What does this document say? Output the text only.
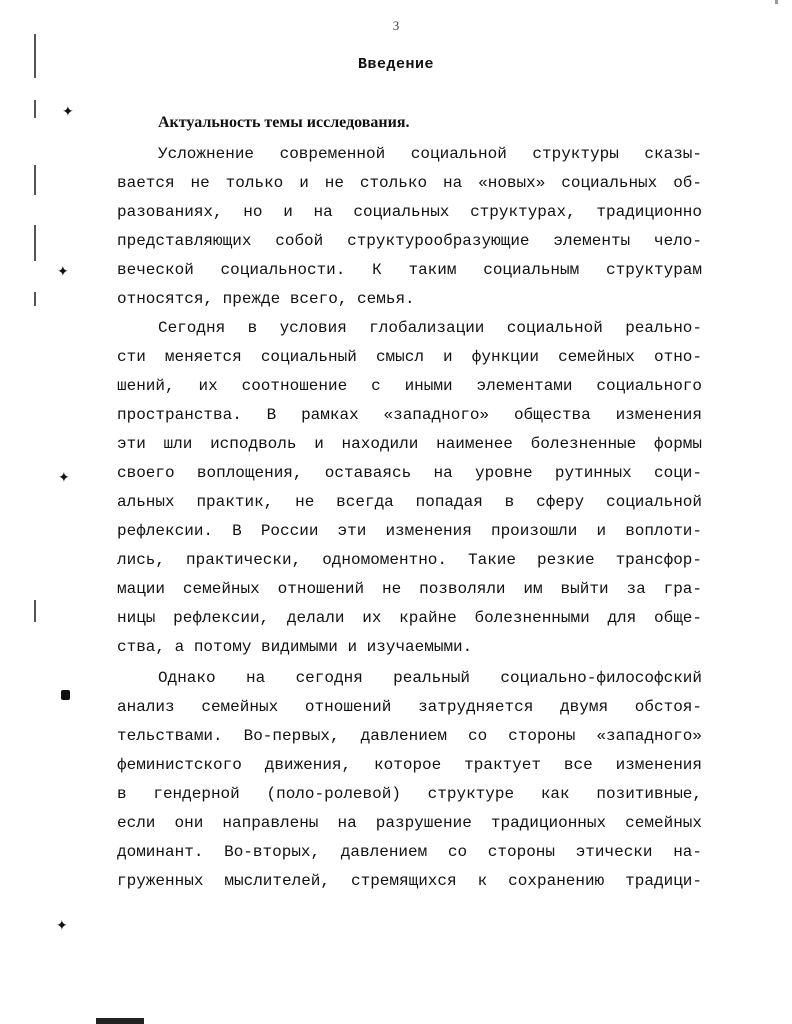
3
Введение
Актуальность темы исследования.
Усложнение современной социальной структуры сказы-
вается не только и не столько на «новых» социальных об-
разованиях, но и на социальных структурах, традиционно
представляющих собой структурообразующие элементы чело-
веческой социальности. К таким социальным структурам
относятся, прежде всего, семья.
Сегодня в условия глобализации социальной реально-
сти меняется социальный смысл и функции семейных отно-
шений, их соотношение с иными элементами социального
пространства. В рамках «западного» общества изменения
эти шли исподволь и находили наименее болезненные формы
своего воплощения, оставаясь на уровне рутинных соци-
альных практик, не всегда попадая в сферу социальной
рефлексии. В России эти изменения произошли и воплоти-
лись, практически, одномоментно. Такие резкие трансфор-
мации семейных отношений не позволяли им выйти за гра-
ницы рефлексии, делали их крайне болезненными для обще-
ства, а потому видимыми и изучаемыми.
Однако на сегодня реальный социально-философский
анализ семейных отношений затрудняется двумя обстоя-
тельствами. Во-первых, давлением со стороны «западного»
феминистского движения, которое трактует все изменения
в гендерной (поло-ролевой) структуре как позитивные,
если они направлены на разрушение традиционных семейных
доминант. Во-вторых, давлением со стороны этически на-
груженных мыслителей, стремящихся к сохранению традици-
✦
✦
✦
✦
